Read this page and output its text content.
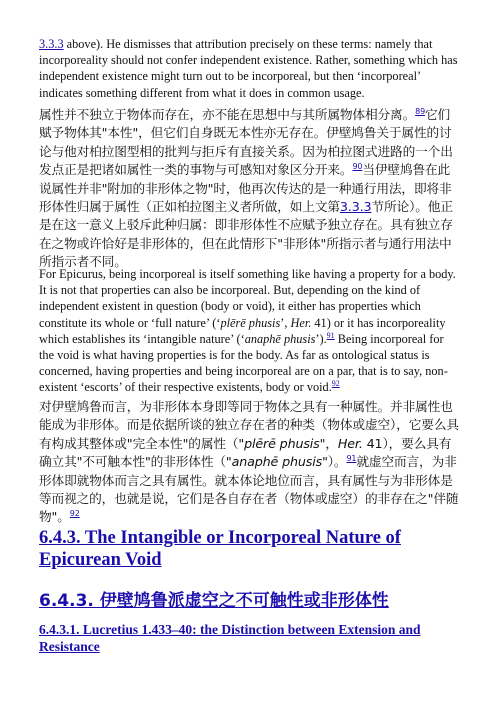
3.3.3 above). He dismisses that attribution precisely on these terms: namely that incorporeality should not confer independent existence. Rather, something which has independent existence might turn out to be incorporeal, but then ‘incorporeal’ indicates something different from what it does in common usage.
属性并不独立于物体而存在，亦不能在思想中与其所属物体相分离。$^{89}$它们赋予物体其"本性"，但它们自身既无本性亦无存在。伊壁鸠鲁关于属性的讨论与他对柏拉图型相的批判与拒斥有直接关系。因为柏拉图式进路的一个出发点正是把诸如属性一类的事物与可感知对象区分开来。$^{90}$当伊壁鸠鲁在此说属性并非"附加的非形体之物"时，他再次传达的是一种通行用法，即将非形体性归属于属性（正如柏拉图主义者所做，如上文第3.3.3节所论）。他正是在这一意义上驳斥此种归属：即非形体性不应赋予独立存在。具有独立存在之物或许恰好是非形体的，但在此情形下"非形体"所指示者与通行用法中所指示者不同。
For Epicurus, being incorporeal is itself something like having a property for a body. It is not that properties can also be incorporeal. But, depending on the kind of independent existent in question (body or void), it either has properties which constitute its whole or ‘full nature’ (‘plērē phusis’, Her. 41) or it has incorporeality which establishes its ‘intangible nature’ (‘anaphē phusis’).$^{91}$ Being incorporeal for the void is what having properties is for the body. As far as ontological status is concerned, having properties and being incorporeal are on a par, that is to say, non-existent ‘escorts’ of their respective existents, body or void.$^{92}$
对伊壁鸠鲁而言，为非形体本身即等同于物体之具有一种属性。并非属性也能成为非形体。而是依据所谈的独立存在者的种类（物体或虚空），它要么具有构成其整体或"完全本性"的属性（"plērē phusis"，Her. 41），要么具有确立其"不可触本性"的非形体性（"anaphē phusis"）。$^{91}$就虚空而言，为非形体即就物体而言之具有属性。就本体论地位而言，具有属性与为非形体是等而视之的，也就是说，它们是各自存在者（物体或虚空）的非存在之"伴随物"。$^{92}$
6.4.3. The Intangible or Incorporeal Nature of Epicurean Void
6.4.3. 伊壁鸠鲁派虚空之不可触性或非形体性
6.4.3.1. Lucretius 1.433–40: the Distinction between Extension and Resistance
